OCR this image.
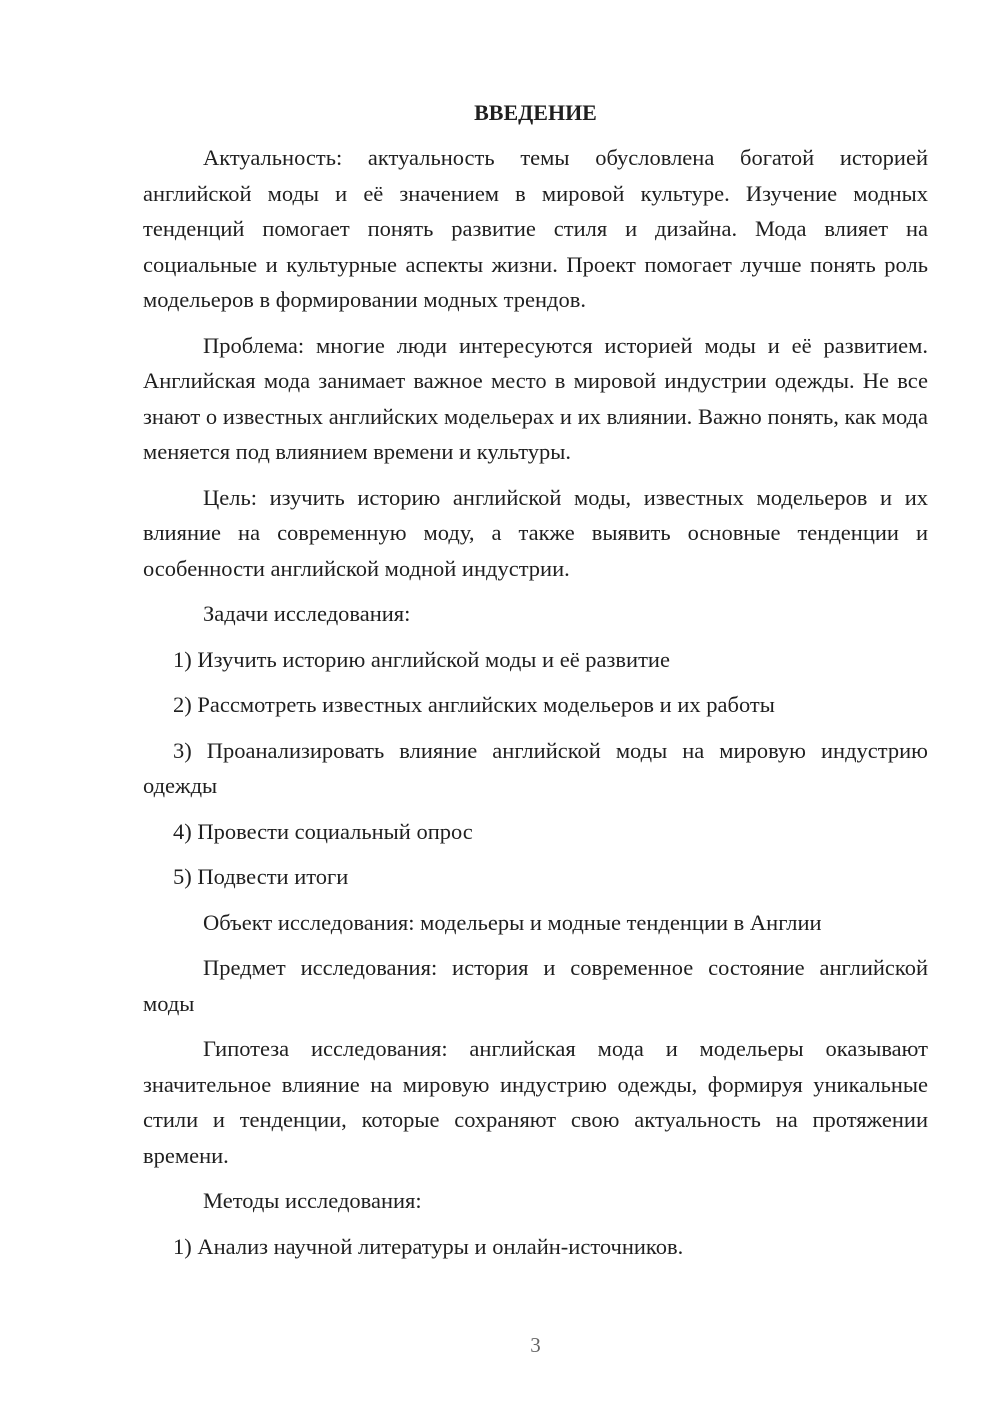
ВВЕДЕНИЕ
Актуальность: актуальность темы обусловлена богатой историей английской моды и её значением в мировой культуре. Изучение модных тенденций помогает понять развитие стиля и дизайна. Мода влияет на социальные и культурные аспекты жизни. Проект помогает лучше понять роль модельеров в формировании модных трендов.
Проблема: многие люди интересуются историей моды и её развитием. Английская мода занимает важное место в мировой индустрии одежды. Не все знают о известных английских модельерах и их влиянии. Важно понять, как мода меняется под влиянием времени и культуры.
Цель: изучить историю английской моды, известных модельеров и их влияние на современную моду, а также выявить основные тенденции и особенности английской модной индустрии.
Задачи исследования:
1) Изучить историю английской моды и её развитие
2) Рассмотреть известных английских модельеров и их работы
3) Проанализировать влияние английской моды на мировую индустрию одежды
4) Провести социальный опрос
5) Подвести итоги
Объект исследования: модельеры и модные тенденции в Англии
Предмет исследования: история и современное состояние английской моды
Гипотеза исследования: английская мода и модельеры оказывают значительное влияние на мировую индустрию одежды, формируя уникальные стили и тенденции, которые сохраняют свою актуальность на протяжении времени.
Методы исследования:
1) Анализ научной литературы и онлайн-источников.
3
